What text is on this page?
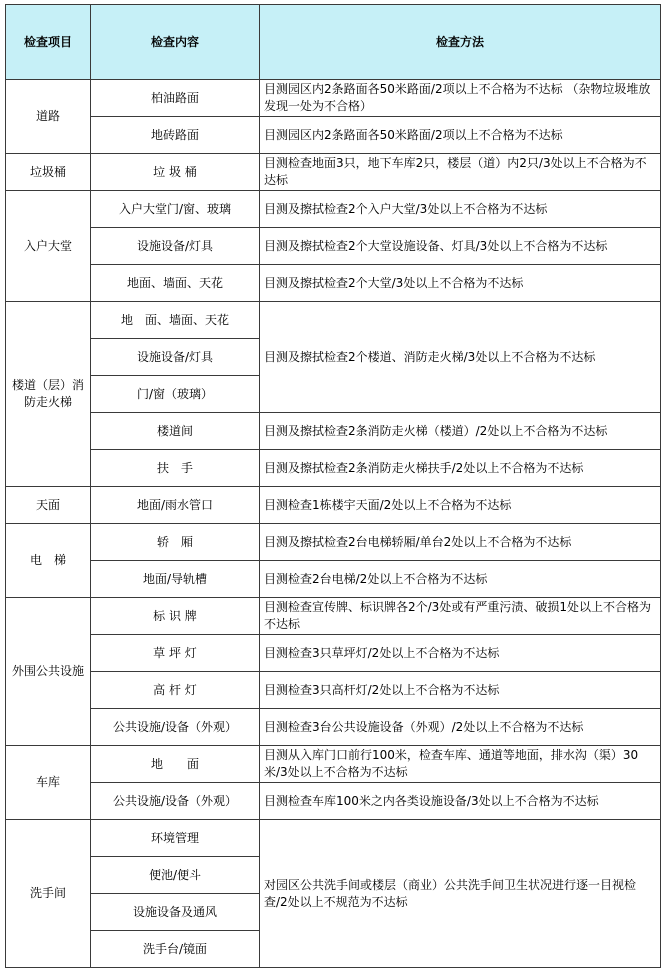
检查项目	检查内容	检查方法
道路	柏油路面	目测园区内2条路面各50米路面/2项以上不合格为不达标 （杂物垃圾堆放发现一处为不合格）
	地砖路面	目测园区内2条路面各50米路面/2项以上不合格为不达标
垃圾桶	垃 圾 桶	目测检查地面3只，地下车库2只，楼层（道）内2只/3处以上不合格为不达标
入户大堂	入户大堂门/窗、玻璃	目测及擦拭检查2个入户大堂/3处以上不合格为不达标
	设施设备/灯具	目测及擦拭检查2个大堂设施设备、灯具/3处以上不合格为不达标
	地面、墙面、天花	目测及擦拭检查2个大堂/3处以上不合格为不达标
楼道（层）消防走火梯	地　面、墙面、天花	目测及擦拭检查2个楼道、消防走火梯/3处以上不合格为不达标
	设施设备/灯具	
	门/窗（玻璃）	
	楼道间	目测及擦拭检查2条消防走火梯（楼道）/2处以上不合格为不达标
	扶　手	目测及擦拭检查2条消防走火梯扶手/2处以上不合格为不达标
天面	地面/雨水管口	目测检查1栋楼宇天面/2处以上不合格为不达标
电　梯	轿　厢	目测及擦拭检查2台电梯轿厢/单台2处以上不合格为不达标
	地面/导轨槽	目测检查2台电梯/2处以上不合格为不达标
外围公共设施	标 识 牌	目测检查宣传牌、标识牌各2个/3处或有严重污渍、破损1处以上不合格为不达标
	草 坪 灯	目测检查3只草坪灯/2处以上不合格为不达标
	高 杆 灯	目测检查3只高杆灯/2处以上不合格为不达标
	公共设施/设备（外观）	目测检查3台公共设施设备（外观）/2处以上不合格为不达标
车库	地　　面	目测从入库门口前行100米，检查车库、通道等地面，排水沟（渠）30米/3处以上不合格为不达标
	公共设施/设备（外观）	目测检查车库100米之内各类设施设备/3处以上不合格为不达标
洗手间	环境管理	对园区公共洗手间或楼层（商业）公共洗手间卫生状况进行逐一目视检查/2处以上不规范为不达标
	便池/便斗	
	设施设备及通风	
	洗手台/镜面	
